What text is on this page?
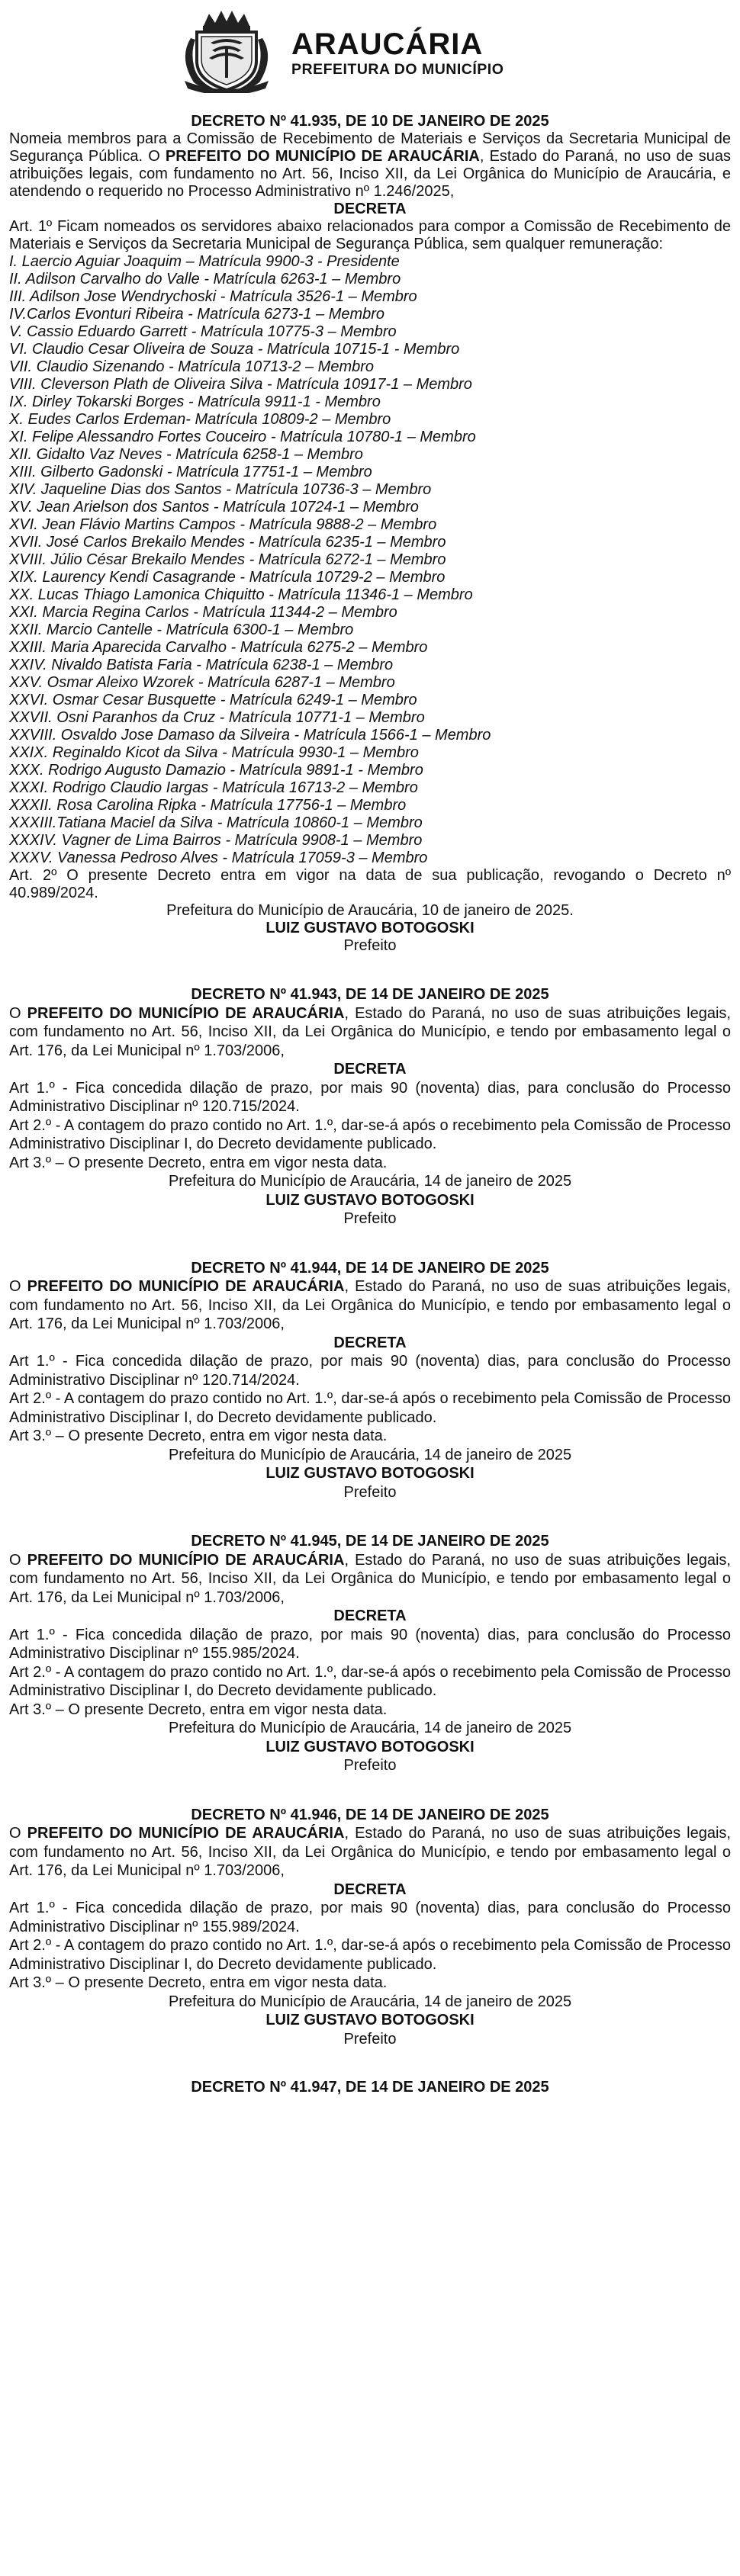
ARAUCÁRIA
PREFEITURA DO MUNICÍPIO

DECRETO Nº 41.935, DE 10 DE JANEIRO DE 2025

Nomeia membros para a Comissão de Recebimento de Materiais e Serviços da Secretaria Municipal de Segurança Pública. O PREFEITO DO MUNICÍPIO DE ARAUCÁRIA, Estado do Paraná, no uso de suas atribuições legais, com fundamento no Art. 56, Inciso XII, da Lei Orgânica do Município de Araucária, e atendendo o requerido no Processo Administrativo nº 1.246/2025,

DECRETA

Art. 1º Ficam nomeados os servidores abaixo relacionados para compor a Comissão de Recebimento de Materiais e Serviços da Secretaria Municipal de Segurança Pública, sem qualquer remuneração:

I. Laercio Aguiar Joaquim – Matrícula 9900-3 - Presidente

II. Adilson Carvalho do Valle - Matrícula 6263-1 – Membro

III. Adilson Jose Wendrychoski - Matrícula 3526-1 – Membro

IV.Carlos Evonturi Ribeira - Matrícula 6273-1 – Membro

V. Cassio Eduardo Garrett - Matrícula 10775-3 – Membro

VI. Claudio Cesar Oliveira de Souza - Matrícula 10715-1 - Membro

VII. Claudio Sizenando - Matrícula 10713-2 – Membro

VIII. Cleverson Plath de Oliveira Silva - Matrícula 10917-1 – Membro

IX. Dirley Tokarski Borges - Matrícula 9911-1 - Membro

X. Eudes Carlos Erdeman- Matrícula 10809-2 – Membro

XI. Felipe Alessandro Fortes Couceiro - Matrícula 10780-1 – Membro

XII. Gidalto Vaz Neves - Matrícula 6258-1 – Membro

XIII. Gilberto Gadonski - Matrícula 17751-1 – Membro

XIV. Jaqueline Dias dos Santos - Matrícula 10736-3 – Membro

XV. Jean Arielson dos Santos - Matrícula 10724-1 – Membro

XVI. Jean Flávio Martins Campos - Matrícula 9888-2 – Membro

XVII. José Carlos Brekailo Mendes - Matrícula 6235-1 – Membro

XVIII. Júlio César Brekailo Mendes - Matrícula 6272-1 – Membro

XIX. Laurency Kendi Casagrande - Matrícula 10729-2 – Membro

XX. Lucas Thiago Lamonica Chiquitto - Matrícula 11346-1 – Membro

XXI. Marcia Regina Carlos - Matrícula 11344-2 – Membro

XXII. Marcio Cantelle - Matrícula 6300-1 – Membro

XXIII. Maria Aparecida Carvalho - Matrícula 6275-2 – Membro

XXIV. Nivaldo Batista Faria - Matrícula 6238-1 – Membro

XXV. Osmar Aleixo Wzorek - Matrícula 6287-1 – Membro

XXVI. Osmar Cesar Busquette - Matrícula 6249-1 – Membro

XXVII. Osni Paranhos da Cruz - Matrícula 10771-1 – Membro

XXVIII. Osvaldo Jose Damaso da Silveira - Matrícula 1566-1 – Membro

XXIX. Reginaldo Kicot da Silva - Matrícula 9930-1 – Membro

XXX. Rodrigo Augusto Damazio - Matrícula 9891-1 - Membro

XXXI. Rodrigo Claudio Iargas - Matrícula 16713-2 – Membro

XXXII. Rosa Carolina Ripka - Matrícula 17756-1 – Membro

XXXIII.Tatiana Maciel da Silva - Matrícula 10860-1 – Membro

XXXIV. Vagner de Lima Bairros - Matrícula 9908-1 – Membro

XXXV. Vanessa Pedroso Alves - Matrícula 17059-3 – Membro

Art. 2º O presente Decreto entra em vigor na data de sua publicação, revogando o Decreto nº 40.989/2024.

Prefeitura do Município de Araucária, 10 de janeiro de 2025.

LUIZ GUSTAVO BOTOGOSKI

Prefeito

DECRETO Nº 41.943, DE 14 DE JANEIRO DE 2025

O PREFEITO DO MUNICÍPIO DE ARAUCÁRIA, Estado do Paraná, no uso de suas atribuições legais, com fundamento no Art. 56, Inciso XII, da Lei Orgânica do Município, e tendo por embasamento legal o Art. 176, da Lei Municipal nº 1.703/2006,

DECRETA

Art 1.º - Fica concedida dilação de prazo, por mais 90 (noventa) dias, para conclusão do Processo Administrativo Disciplinar nº 120.715/2024.

Art 2.º - A contagem do prazo contido no Art. 1.º, dar-se-á após o recebimento pela Comissão de Processo Administrativo Disciplinar I, do Decreto devidamente publicado.

Art 3.º – O presente Decreto, entra em vigor nesta data.

Prefeitura do Município de Araucária, 14 de janeiro de 2025

LUIZ GUSTAVO BOTOGOSKI

Prefeito

DECRETO Nº 41.944, DE 14 DE JANEIRO DE 2025

O PREFEITO DO MUNICÍPIO DE ARAUCÁRIA, Estado do Paraná, no uso de suas atribuições legais, com fundamento no Art. 56, Inciso XII, da Lei Orgânica do Município, e tendo por embasamento legal o Art. 176, da Lei Municipal nº 1.703/2006,

DECRETA

Art 1.º - Fica concedida dilação de prazo, por mais 90 (noventa) dias, para conclusão do Processo Administrativo Disciplinar nº 120.714/2024.

Art 2.º - A contagem do prazo contido no Art. 1.º, dar-se-á após o recebimento pela Comissão de Processo Administrativo Disciplinar I, do Decreto devidamente publicado.

Art 3.º – O presente Decreto, entra em vigor nesta data.

Prefeitura do Município de Araucária, 14 de janeiro de 2025

LUIZ GUSTAVO BOTOGOSKI

Prefeito

DECRETO Nº 41.945, DE 14 DE JANEIRO DE 2025

O PREFEITO DO MUNICÍPIO DE ARAUCÁRIA, Estado do Paraná, no uso de suas atribuições legais, com fundamento no Art. 56, Inciso XII, da Lei Orgânica do Município, e tendo por embasamento legal o Art. 176, da Lei Municipal nº 1.703/2006,

DECRETA

Art 1.º - Fica concedida dilação de prazo, por mais 90 (noventa) dias, para conclusão do Processo Administrativo Disciplinar nº 155.985/2024.

Art 2.º - A contagem do prazo contido no Art. 1.º, dar-se-á após o recebimento pela Comissão de Processo Administrativo Disciplinar I, do Decreto devidamente publicado.

Art 3.º – O presente Decreto, entra em vigor nesta data.

Prefeitura do Município de Araucária, 14 de janeiro de 2025

LUIZ GUSTAVO BOTOGOSKI

Prefeito

DECRETO Nº 41.946, DE 14 DE JANEIRO DE 2025

O PREFEITO DO MUNICÍPIO DE ARAUCÁRIA, Estado do Paraná, no uso de suas atribuições legais, com fundamento no Art. 56, Inciso XII, da Lei Orgânica do Município, e tendo por embasamento legal o Art. 176, da Lei Municipal nº 1.703/2006,

DECRETA

Art 1.º - Fica concedida dilação de prazo, por mais 90 (noventa) dias, para conclusão do Processo Administrativo Disciplinar nº 155.989/2024.

Art 2.º - A contagem do prazo contido no Art. 1.º, dar-se-á após o recebimento pela Comissão de Processo Administrativo Disciplinar I, do Decreto devidamente publicado.

Art 3.º – O presente Decreto, entra em vigor nesta data.

Prefeitura do Município de Araucária, 14 de janeiro de 2025

LUIZ GUSTAVO BOTOGOSKI

Prefeito

DECRETO Nº 41.947, DE 14 DE JANEIRO DE 2025
